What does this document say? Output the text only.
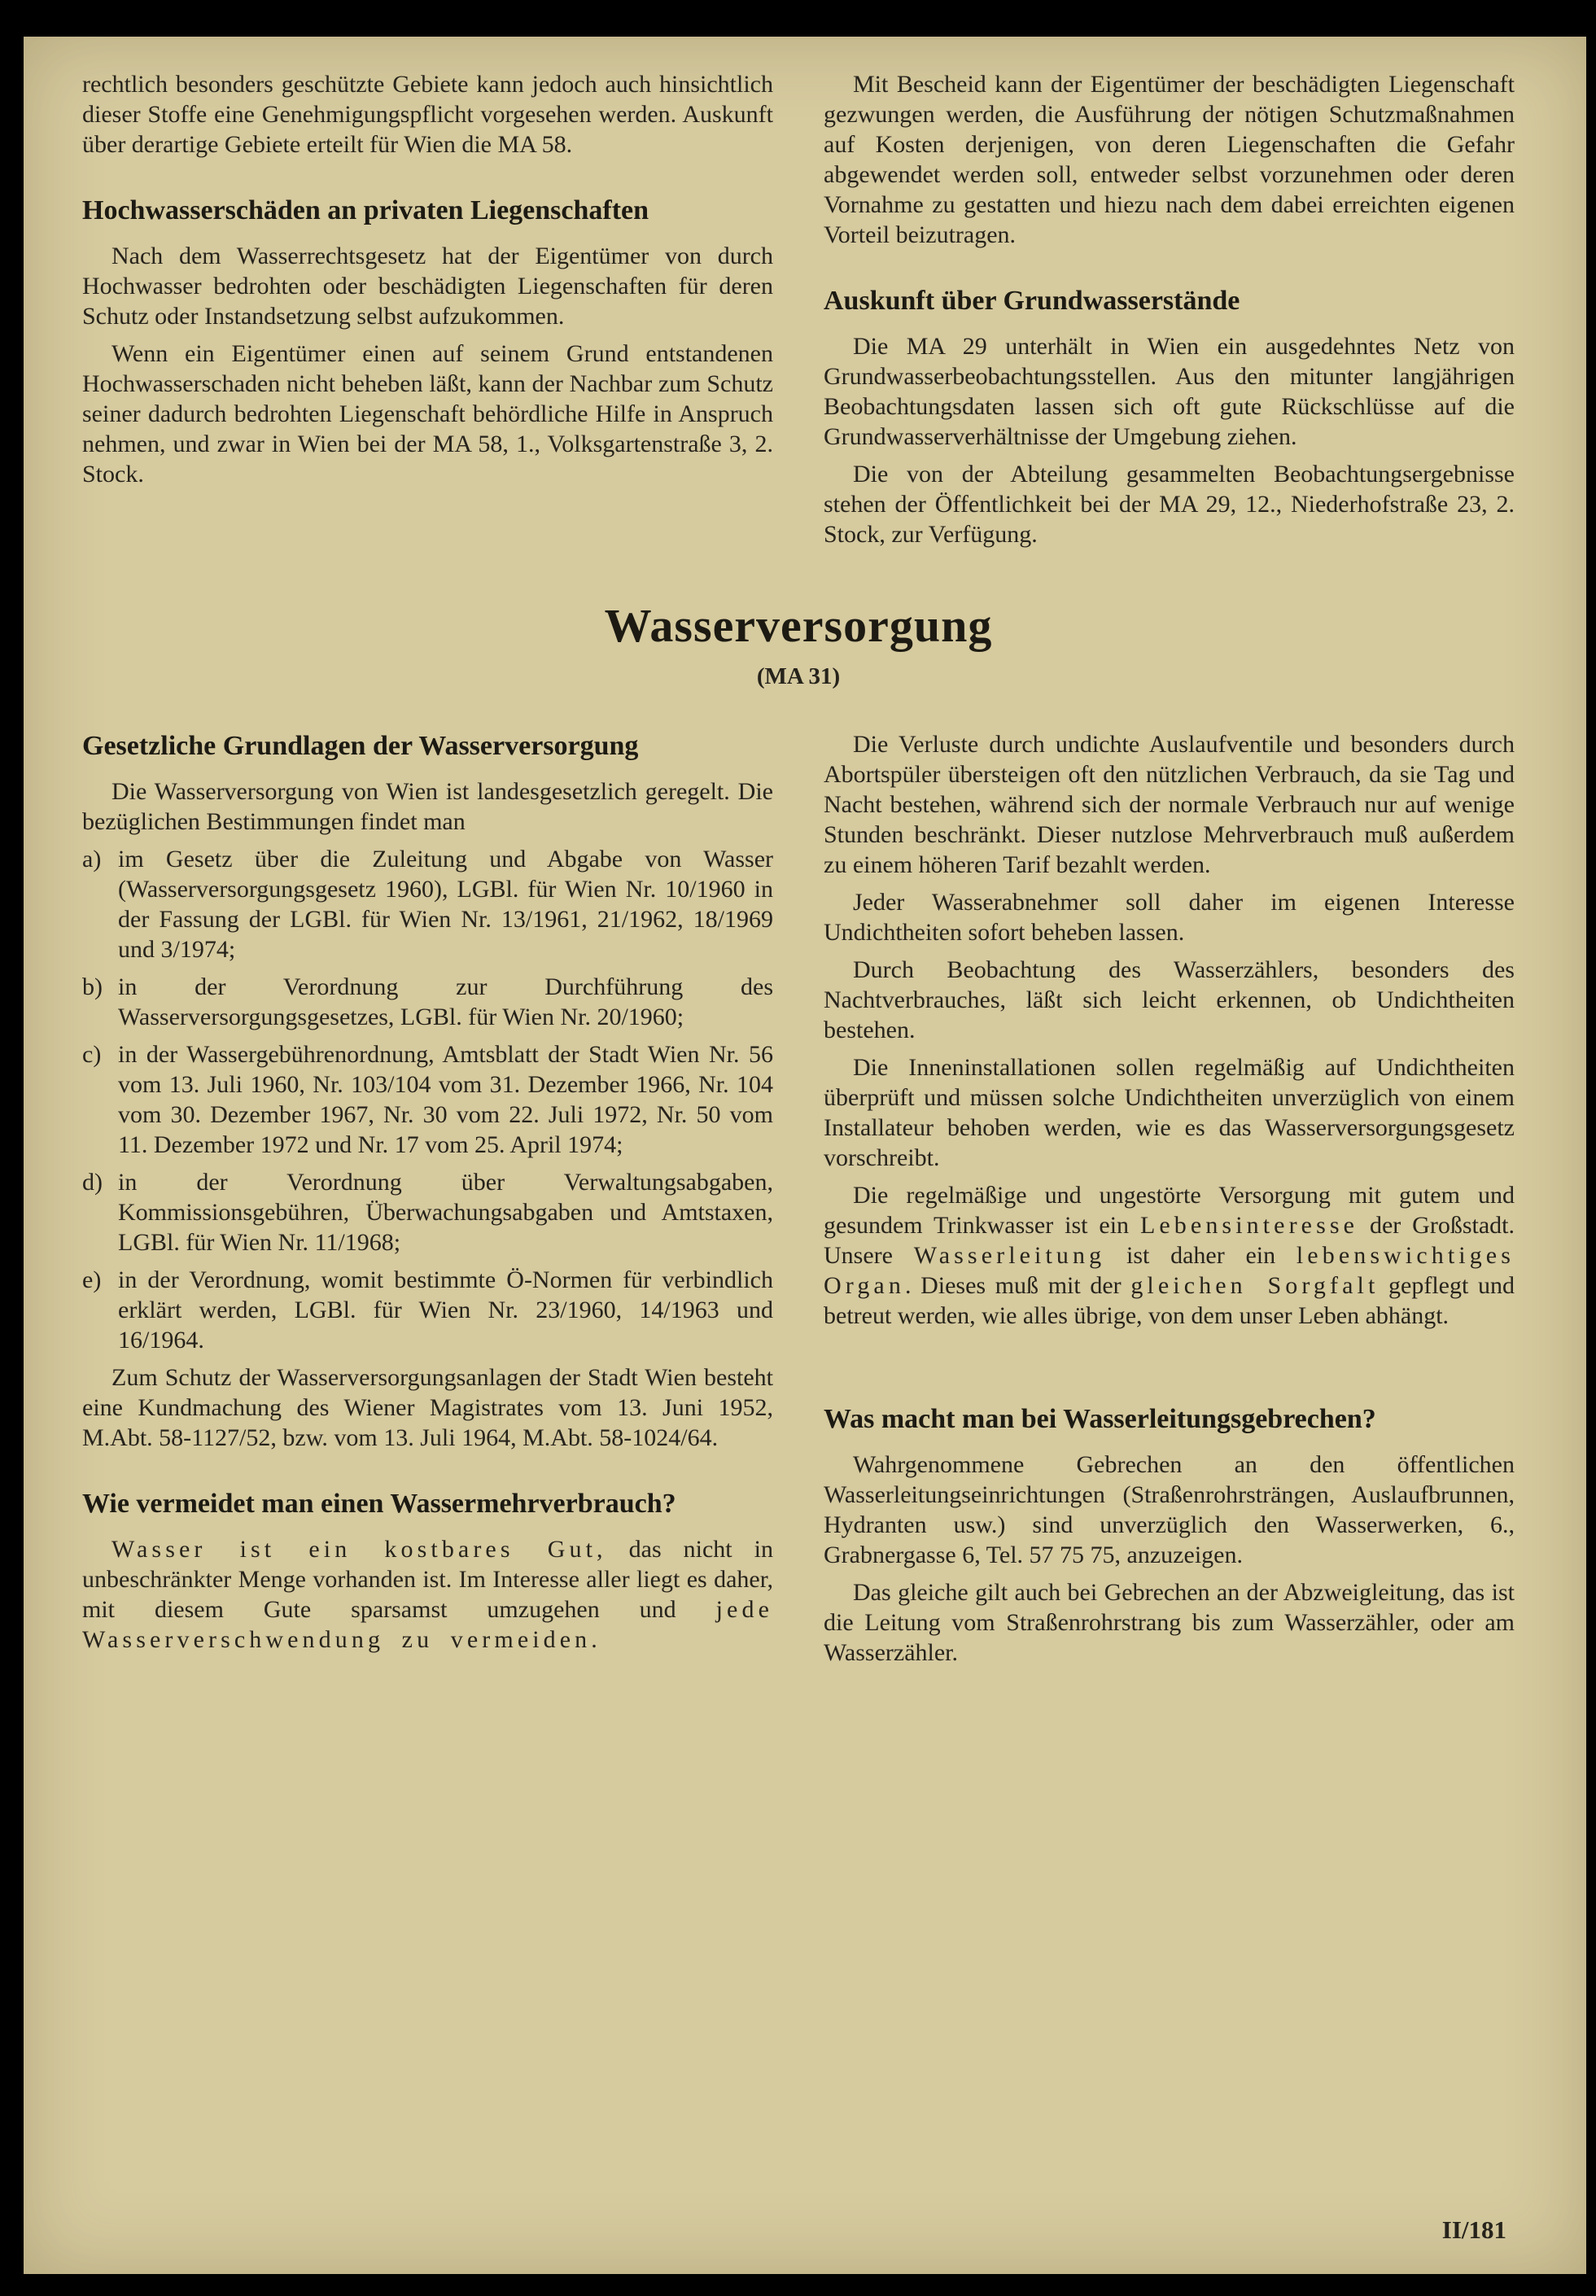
rechtlich besonders geschützte Gebiete kann jedoch auch hinsichtlich dieser Stoffe eine Genehmigungspflicht vorgesehen werden. Auskunft über derartige Gebiete erteilt für Wien die MA 58.

Hochwasserschäden an privaten Liegenschaften

Nach dem Wasserrechtsgesetz hat der Eigentümer von durch Hochwasser bedrohten oder beschädigten Liegenschaften für deren Schutz oder Instandsetzung selbst aufzukommen.

Wenn ein Eigentümer einen auf seinem Grund entstandenen Hochwasserschaden nicht beheben läßt, kann der Nachbar zum Schutz seiner dadurch bedrohten Liegenschaft behördliche Hilfe in Anspruch nehmen, und zwar in Wien bei der MA 58, 1., Volksgartenstraße 3, 2. Stock.

Mit Bescheid kann der Eigentümer der beschädigten Liegenschaft gezwungen werden, die Ausführung der nötigen Schutzmaßnahmen auf Kosten derjenigen, von deren Liegenschaften die Gefahr abgewendet werden soll, entweder selbst vorzunehmen oder deren Vornahme zu gestatten und hiezu nach dem dabei erreichten eigenen Vorteil beizutragen.

Auskunft über Grundwasserstände

Die MA 29 unterhält in Wien ein ausgedehntes Netz von Grundwasserbeobachtungsstellen. Aus den mitunter langjährigen Beobachtungsdaten lassen sich oft gute Rückschlüsse auf die Grundwasserverhältnisse der Umgebung ziehen.

Die von der Abteilung gesammelten Beobachtungsergebnisse stehen der Öffentlichkeit bei der MA 29, 12., Niederhofstraße 23, 2. Stock, zur Verfügung.

Wasserversorgung
(MA 31)
Gesetzliche Grundlagen der Wasserversorgung

Die Wasserversorgung von Wien ist landesgesetzlich geregelt. Die bezüglichen Bestimmungen findet man

a) im Gesetz über die Zuleitung und Abgabe von Wasser (Wasserversorgungsgesetz 1960), LGBl. für Wien Nr. 10/1960 in der Fassung der LGBl. für Wien Nr. 13/1961, 21/1962, 18/1969 und 3/1974;
b) in der Verordnung zur Durchführung des Wasserversorgungsgesetzes, LGBl. für Wien Nr. 20/1960;
c) in der Wassergebührenordnung, Amtsblatt der Stadt Wien Nr. 56 vom 13. Juli 1960, Nr. 103/104 vom 31. Dezember 1966, Nr. 104 vom 30. Dezember 1967, Nr. 30 vom 22. Juli 1972, Nr. 50 vom 11. Dezember 1972 und Nr. 17 vom 25. April 1974;
d) in der Verordnung über Verwaltungsabgaben, Kommissionsgebühren, Überwachungsabgaben und Amtstaxen, LGBl. für Wien Nr. 11/1968;
e) in der Verordnung, womit bestimmte Ö-Normen für verbindlich erklärt werden, LGBl. für Wien Nr. 23/1960, 14/1963 und 16/1964.

Zum Schutz der Wasserversorgungsanlagen der Stadt Wien besteht eine Kundmachung des Wiener Magistrates vom 13. Juni 1952, M.Abt. 58-1127/52, bzw. vom 13. Juli 1964, M.Abt. 58-1024/64.

Wie vermeidet man einen Wassermehrverbrauch?

Wasser ist ein kostbares Gut, das nicht in unbeschränkter Menge vorhanden ist. Im Interesse aller liegt es daher, mit diesem Gute sparsamst umzugehen und jede Wasserverschwendung zu vermeiden.

Die Verluste durch undichte Auslaufventile und besonders durch Abortspüler übersteigen oft den nützlichen Verbrauch, da sie Tag und Nacht bestehen, während sich der normale Verbrauch nur auf wenige Stunden beschränkt. Dieser nutzlose Mehrverbrauch muß außerdem zu einem höheren Tarif bezahlt werden.

Jeder Wasserabnehmer soll daher im eigenen Interesse Undichtheiten sofort beheben lassen.

Durch Beobachtung des Wasserzählers, besonders des Nachtverbrauches, läßt sich leicht erkennen, ob Undichtheiten bestehen.

Die Inneninstallationen sollen regelmäßig auf Undichtheiten überprüft und müssen solche Undichtheiten unverzüglich von einem Installateur behoben werden, wie es das Wasserversorgungsgesetz vorschreibt.

Die regelmäßige und ungestörte Versorgung mit gutem und gesundem Trinkwasser ist ein Lebensinteresse der Großstadt. Unsere Wasserleitung ist daher ein lebenswichtiges Organ. Dieses muß mit der gleichen Sorgfalt gepflegt und betreut werden, wie alles übrige, von dem unser Leben abhängt.

Was macht man bei Wasserleitungsgebrechen?

Wahrgenommene Gebrechen an den öffentlichen Wasserleitungseinrichtungen (Straßenrohrsträngen, Auslaufbrunnen, Hydranten usw.) sind unverzüglich den Wasserwerken, 6., Grabnergasse 6, Tel. 57 75 75, anzuzeigen.

Das gleiche gilt auch bei Gebrechen an der Abzweigleitung, das ist die Leitung vom Straßenrohrstrang bis zum Wasserzähler, oder am Wasserzähler.

II/181
